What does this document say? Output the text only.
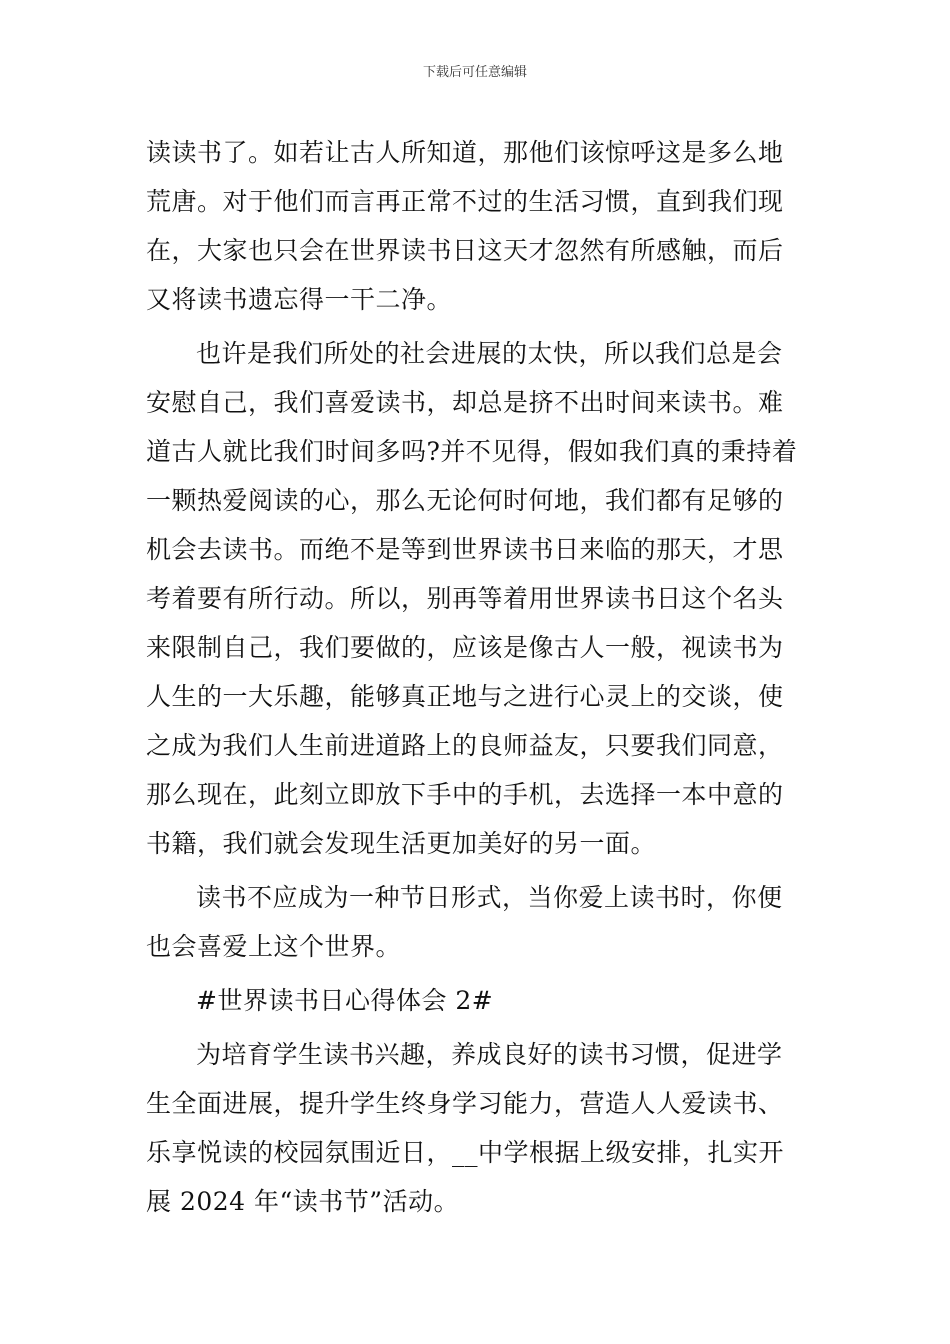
下载后可任意编辑
读读书了。如若让古人所知道，那他们该惊呼这是多么地
荒唐。对于他们而言再正常不过的生活习惯，直到我们现
在，大家也只会在世界读书日这天才忽然有所感触，而后
又将读书遗忘得一干二净。
也许是我们所处的社会进展的太快，所以我们总是会
安慰自己，我们喜爱读书，却总是挤不出时间来读书。难
道古人就比我们时间多吗?并不见得，假如我们真的秉持着
一颗热爱阅读的心，那么无论何时何地，我们都有足够的
机会去读书。而绝不是等到世界读书日来临的那天，才思
考着要有所行动。所以，别再等着用世界读书日这个名头
来限制自己，我们要做的，应该是像古人一般，视读书为
人生的一大乐趣，能够真正地与之进行心灵上的交谈，使
之成为我们人生前进道路上的良师益友，只要我们同意，
那么现在，此刻立即放下手中的手机，去选择一本中意的
书籍，我们就会发现生活更加美好的另一面。
读书不应成为一种节日形式，当你爱上读书时，你便
也会喜爱上这个世界。
#世界读书日心得体会 2#
为培育学生读书兴趣，养成良好的读书习惯，促进学
生全面进展，提升学生终身学习能力，营造人人爱读书、
乐享悦读的校园氛围近日，__中学根据上级安排，扎实开
展 2024 年“读书节”活动。
